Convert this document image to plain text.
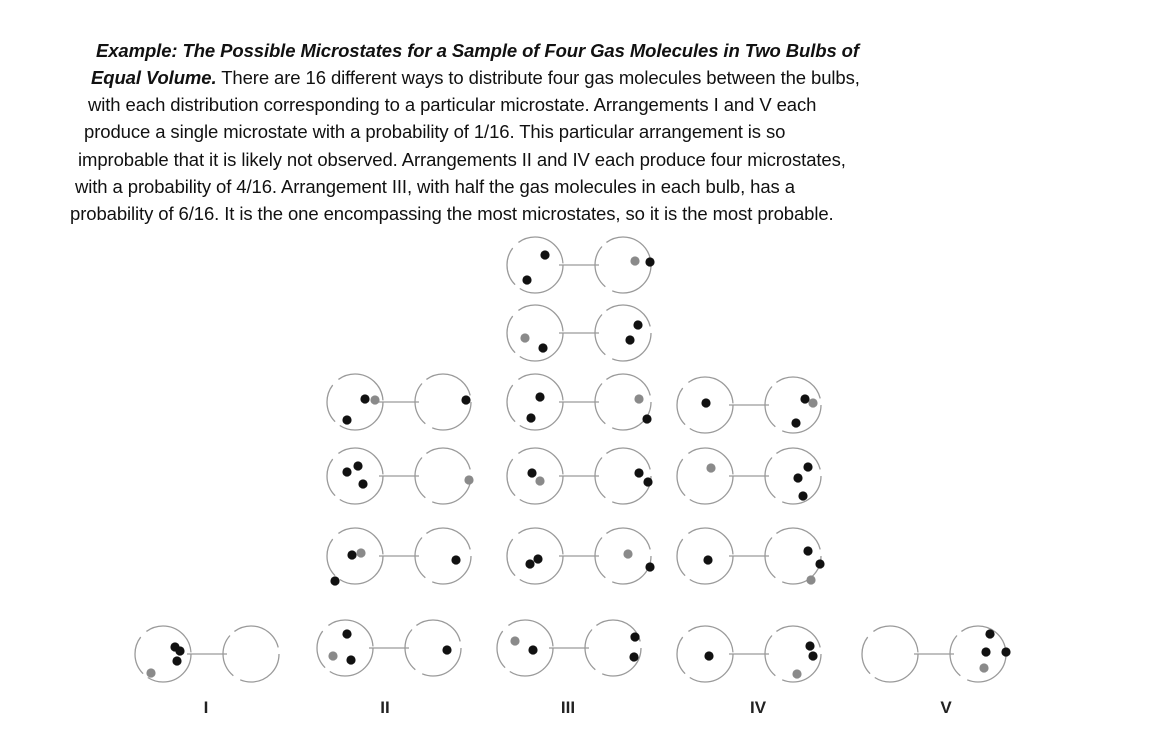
Example: The Possible Microstates for a Sample of Four Gas Molecules in Two Bulbs of
Equal Volume. There are 16 different ways to distribute four gas molecules between the bulbs,
with each distribution corresponding to a particular microstate. Arrangements I and V each
produce a single microstate with a probability of 1/16. This particular arrangement is so
improbable that it is likely not observed. Arrangements II and IV each produce four microstates,
with a probability of 4/16. Arrangement III, with half the gas molecules in each bulb, has a
probability of 6/16. It is the one encompassing the most microstates, so it is the most probable.
I	II	III	IV	V
